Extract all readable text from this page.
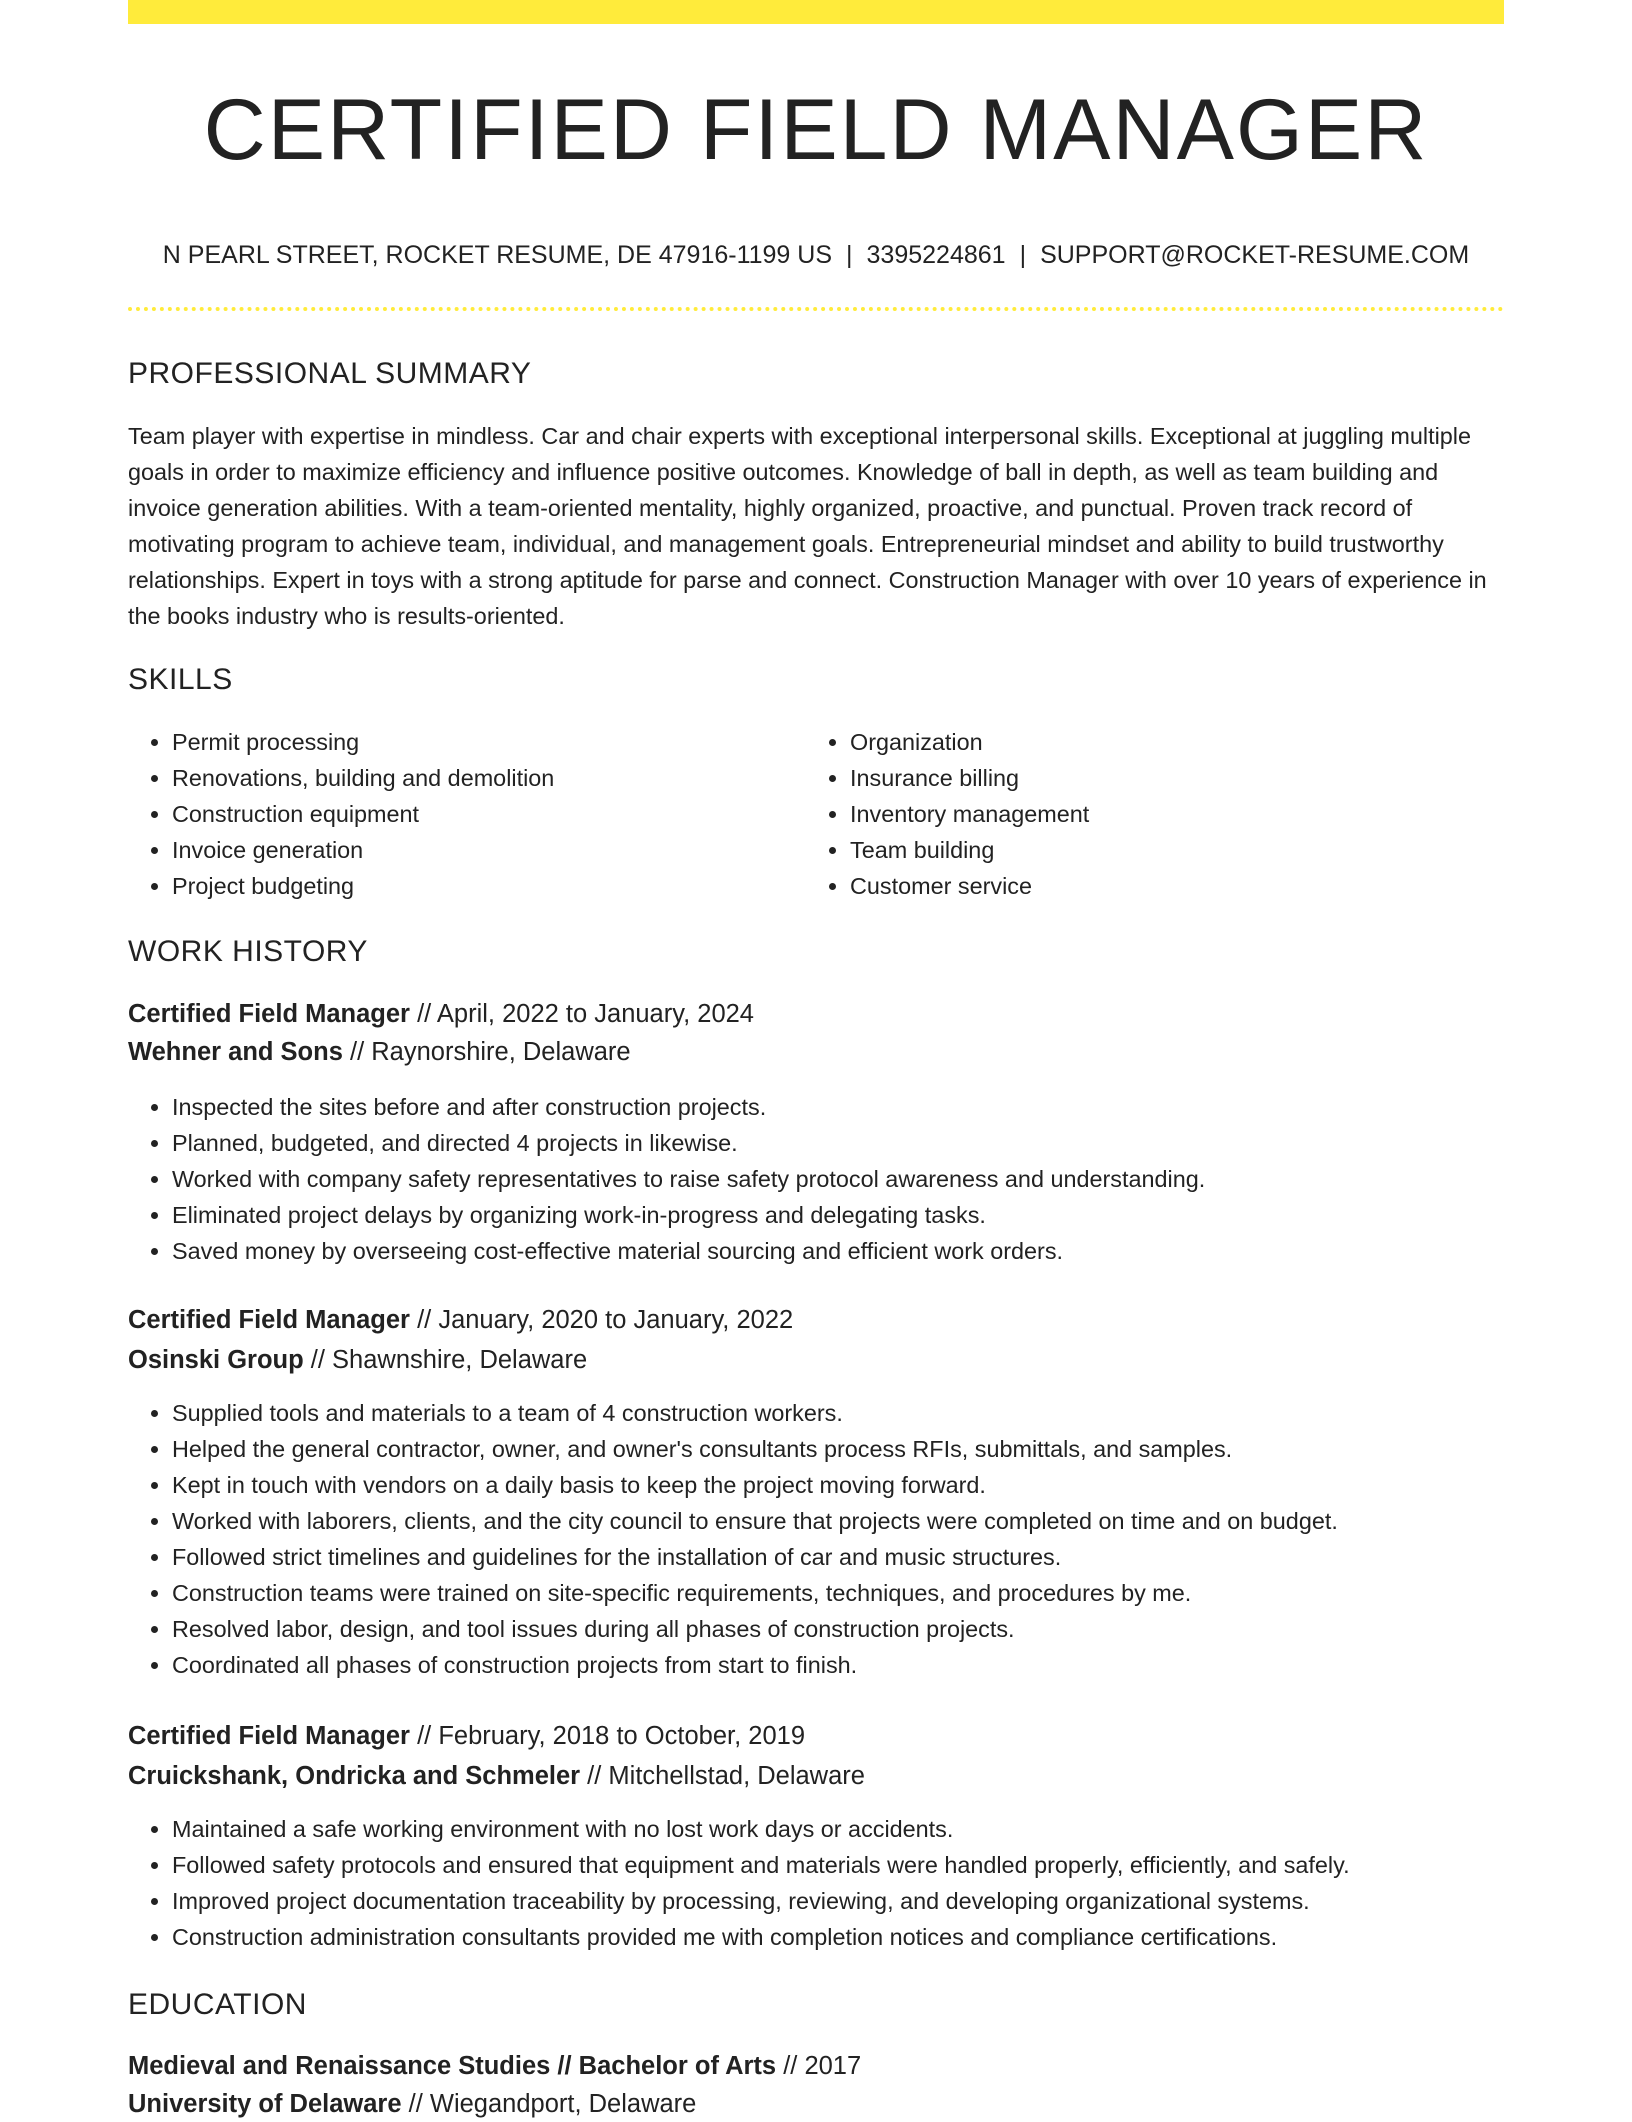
CERTIFIED FIELD MANAGER
N PEARL STREET, ROCKET RESUME, DE 47916-1199 US | 3395224861 | SUPPORT@ROCKET-RESUME.COM
PROFESSIONAL SUMMARY

Team player with expertise in mindless. Car and chair experts with exceptional interpersonal skills. Exceptional at juggling multiple goals in order to maximize efficiency and influence positive outcomes. Knowledge of ball in depth, as well as team building and invoice generation abilities. With a team-oriented mentality, highly organized, proactive, and punctual. Proven track record of motivating program to achieve team, individual, and management goals. Entrepreneurial mindset and ability to build trustworthy relationships. Expert in toys with a strong aptitude for parse and connect. Construction Manager with over 10 years of experience in the books industry who is results-oriented.

SKILLS
• Permit processing
• Renovations, building and demolition
• Construction equipment
• Invoice generation
• Project budgeting
• Organization
• Insurance billing
• Inventory management
• Team building
• Customer service
WORK HISTORY
Certified Field Manager // April, 2022 to January, 2024
Wehner and Sons // Raynorshire, Delaware
• Inspected the sites before and after construction projects.
• Planned, budgeted, and directed 4 projects in likewise.
• Worked with company safety representatives to raise safety protocol awareness and understanding.
• Eliminated project delays by organizing work-in-progress and delegating tasks.
• Saved money by overseeing cost-effective material sourcing and efficient work orders.
Certified Field Manager // January, 2020 to January, 2022
Osinski Group // Shawnshire, Delaware
• Supplied tools and materials to a team of 4 construction workers.
• Helped the general contractor, owner, and owner's consultants process RFIs, submittals, and samples.
• Kept in touch with vendors on a daily basis to keep the project moving forward.
• Worked with laborers, clients, and the city council to ensure that projects were completed on time and on budget.
• Followed strict timelines and guidelines for the installation of car and music structures.
• Construction teams were trained on site-specific requirements, techniques, and procedures by me.
• Resolved labor, design, and tool issues during all phases of construction projects.
• Coordinated all phases of construction projects from start to finish.
Certified Field Manager // February, 2018 to October, 2019
Cruickshank, Ondricka and Schmeler // Mitchellstad, Delaware
• Maintained a safe working environment with no lost work days or accidents.
• Followed safety protocols and ensured that equipment and materials were handled properly, efficiently, and safely.
• Improved project documentation traceability by processing, reviewing, and developing organizational systems.
• Construction administration consultants provided me with completion notices and compliance certifications.
EDUCATION
Medieval and Renaissance Studies // Bachelor of Arts // 2017
University of Delaware // Wiegandport, Delaware
